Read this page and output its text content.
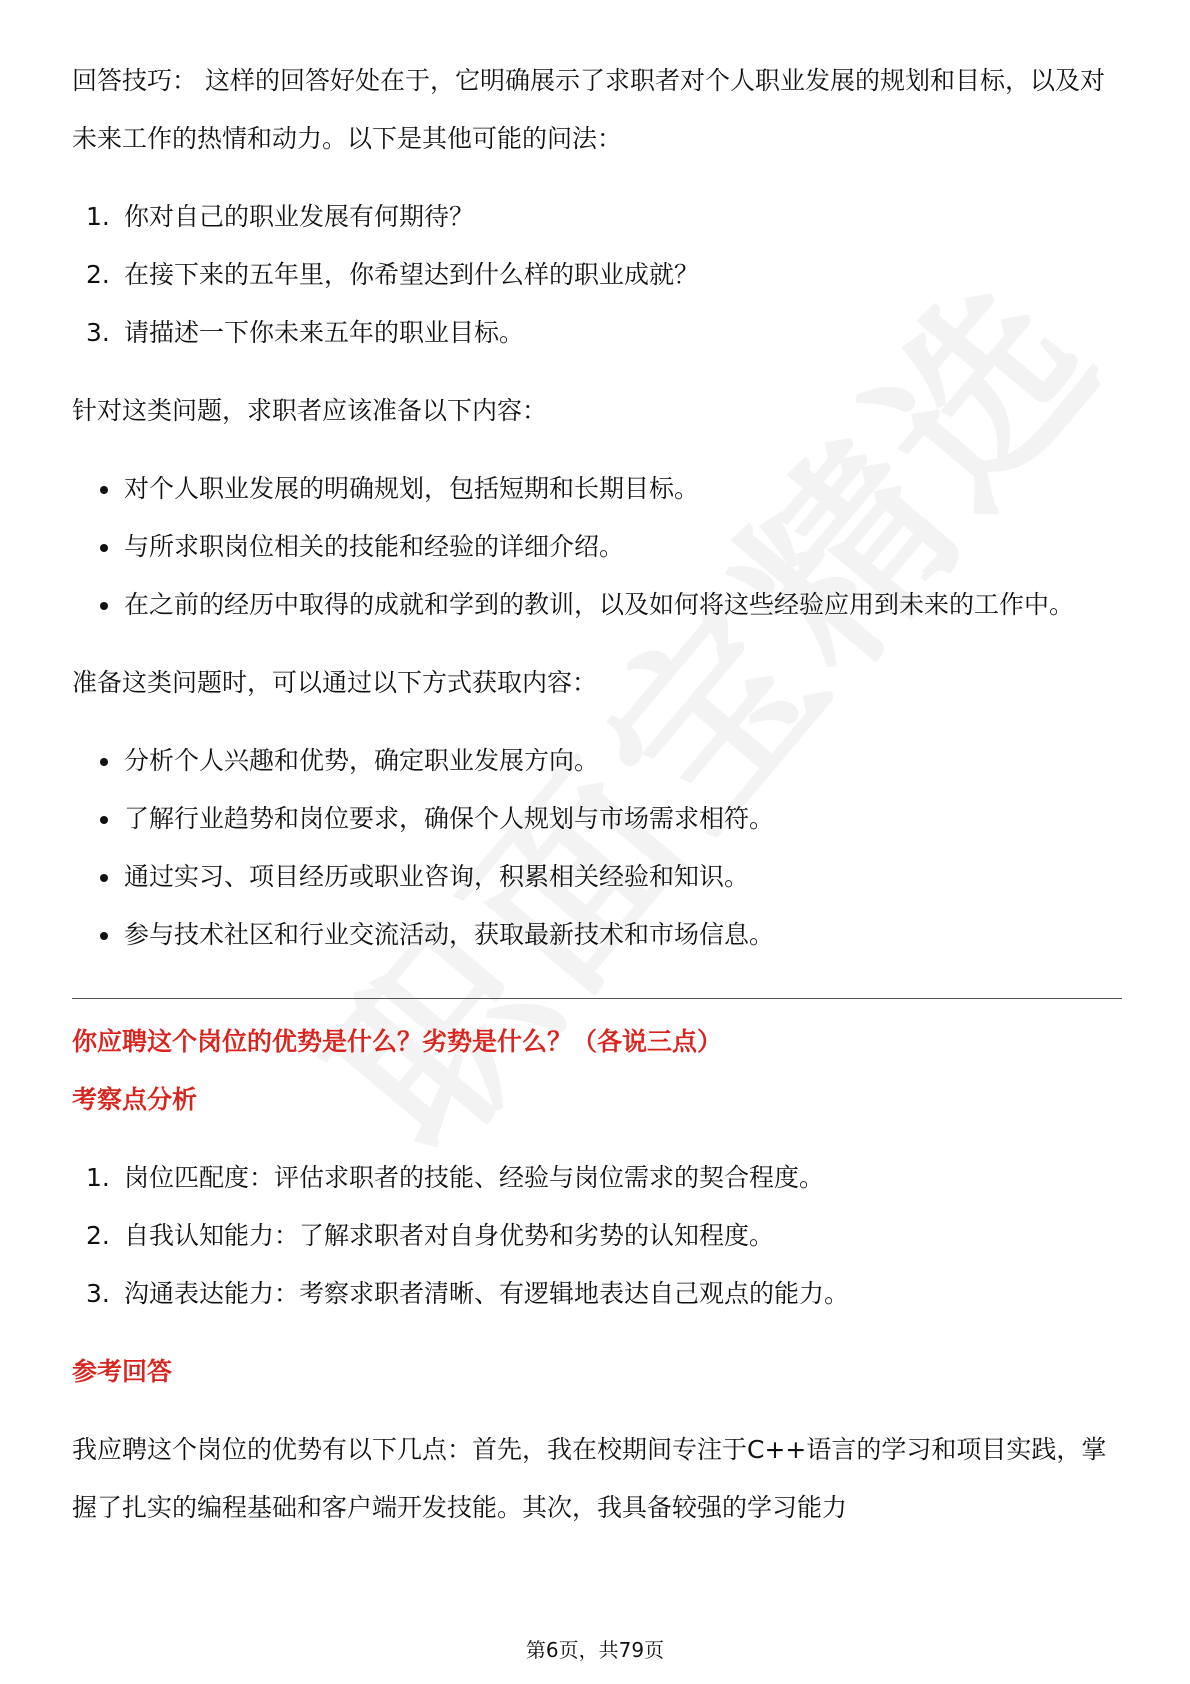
回答技巧： 这样的回答好处在于，它明确展示了求职者对个人职业发展的规划和目标，以及对未来工作的热情和动力。以下是其他可能的问法：

1. 你对自己的职业发展有何期待？
2. 在接下来的五年里，你希望达到什么样的职业成就？
3. 请描述一下你未来五年的职业目标。

针对这类问题，求职者应该准备以下内容：

对个人职业发展的明确规划，包括短期和长期目标。
与所求职岗位相关的技能和经验的详细介绍。
在之前的经历中取得的成就和学到的教训，以及如何将这些经验应用到未来的工作中。

准备这类问题时，可以通过以下方式获取内容：

分析个人兴趣和优势，确定职业发展方向。
了解行业趋势和岗位要求，确保个人规划与市场需求相符。
通过实习、项目经历或职业咨询，积累相关经验和知识。
参与技术社区和行业交流活动，获取最新技术和市场信息。

你应聘这个岗位的优势是什么？劣势是什么？（各说三点）

考察点分析

1. 岗位匹配度：评估求职者的技能、经验与岗位需求的契合程度。
2. 自我认知能力：了解求职者对自身优势和劣势的认知程度。
3. 沟通表达能力：考察求职者清晰、有逻辑地表达自己观点的能力。

参考回答

我应聘这个岗位的优势有以下几点：首先，我在校期间专注于C++语言的学习和项目实践，掌握了扎实的编程基础和客户端开发技能。其次，我具备较强的学习能力

第6页，共79页
